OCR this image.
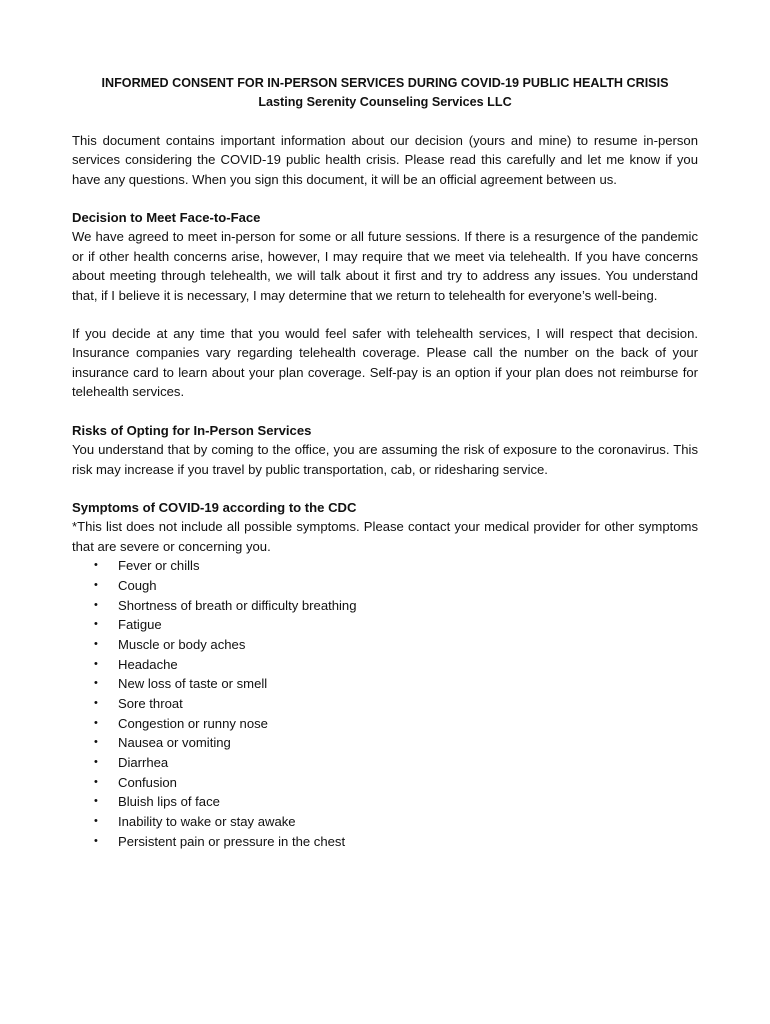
INFORMED CONSENT FOR IN-PERSON SERVICES DURING COVID-19 PUBLIC HEALTH CRISIS

Lasting Serenity Counseling Services LLC

This document contains important information about our decision (yours and mine) to resume in-person services considering the COVID-19 public health crisis. Please read this carefully and let me know if you have any questions. When you sign this document, it will be an official agreement between us.

Decision to Meet Face-to-Face

We have agreed to meet in-person for some or all future sessions. If there is a resurgence of the pandemic or if other health concerns arise, however, I may require that we meet via telehealth. If you have concerns about meeting through telehealth, we will talk about it first and try to address any issues. You understand that, if I believe it is necessary, I may determine that we return to telehealth for everyone’s well-being.

If you decide at any time that you would feel safer with telehealth services, I will respect that decision. Insurance companies vary regarding telehealth coverage. Please call the number on the back of your insurance card to learn about your plan coverage. Self-pay is an option if your plan does not reimburse for telehealth services.

Risks of Opting for In-Person Services

You understand that by coming to the office, you are assuming the risk of exposure to the coronavirus. This risk may increase if you travel by public transportation, cab, or ridesharing service.

Symptoms of COVID-19 according to the CDC

*This list does not include all possible symptoms. Please contact your medical provider for other symptoms that are severe or concerning you.

• Fever or chills
• Cough
• Shortness of breath or difficulty breathing
• Fatigue
• Muscle or body aches
• Headache
• New loss of taste or smell
• Sore throat
• Congestion or runny nose
• Nausea or vomiting
• Diarrhea
• Confusion
• Bluish lips of face
• Inability to wake or stay awake
• Persistent pain or pressure in the chest
